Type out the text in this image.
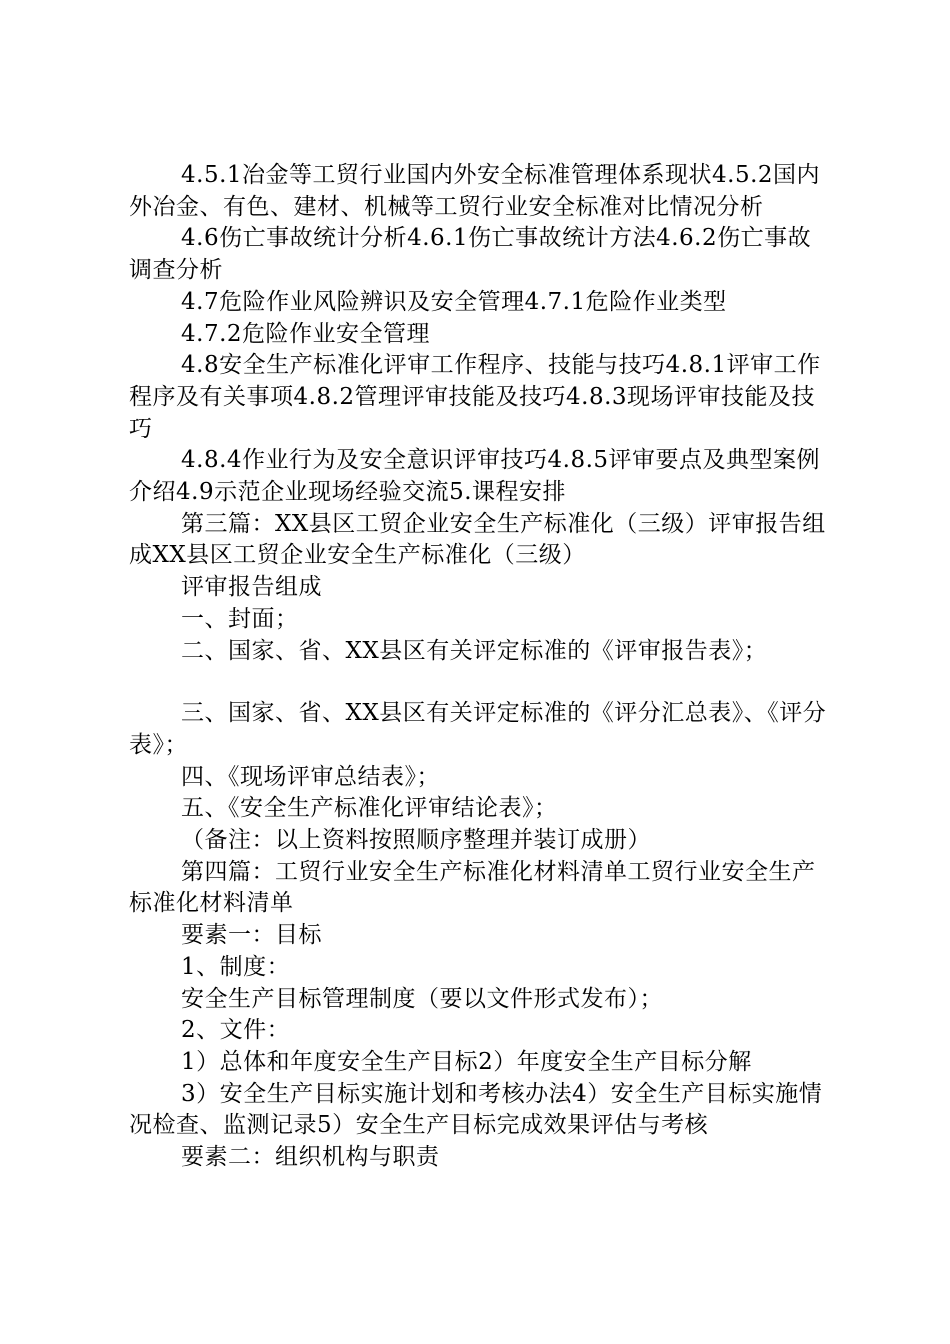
4.5.1冶金等工贸行业国内外安全标准管理体系现状4.5.2国内外冶金、有色、建材、机械等工贸行业安全标准对比情况分析

4.6伤亡事故统计分析4.6.1伤亡事故统计方法4.6.2伤亡事故调查分析

4.7危险作业风险辨识及安全管理4.7.1危险作业类型

4.7.2危险作业安全管理

4.8安全生产标准化评审工作程序、技能与技巧4.8.1评审工作程序及有关事项4.8.2管理评审技能及技巧4.8.3现场评审技能及技巧

4.8.4作业行为及安全意识评审技巧4.8.5评审要点及典型案例介绍4.9示范企业现场经验交流5.课程安排

第三篇：XX县区工贸企业安全生产标准化（三级）评审报告组成XX县区工贸企业安全生产标准化（三级）

评审报告组成

一、封面；

二、国家、省、XX县区有关评定标准的《评审报告表》；

三、国家、省、XX县区有关评定标准的《评分汇总表》、《评分表》；

四、《现场评审总结表》；

五、《安全生产标准化评审结论表》；

（备注：以上资料按照顺序整理并装订成册）

第四篇：工贸行业安全生产标准化材料清单工贸行业安全生产标准化材料清单

要素一：目标

1、制度：

安全生产目标管理制度（要以文件形式发布）；

2、文件：

1）总体和年度安全生产目标2）年度安全生产目标分解

3）安全生产目标实施计划和考核办法4）安全生产目标实施情况检查、监测记录5）安全生产目标完成效果评估与考核

要素二：组织机构与职责
